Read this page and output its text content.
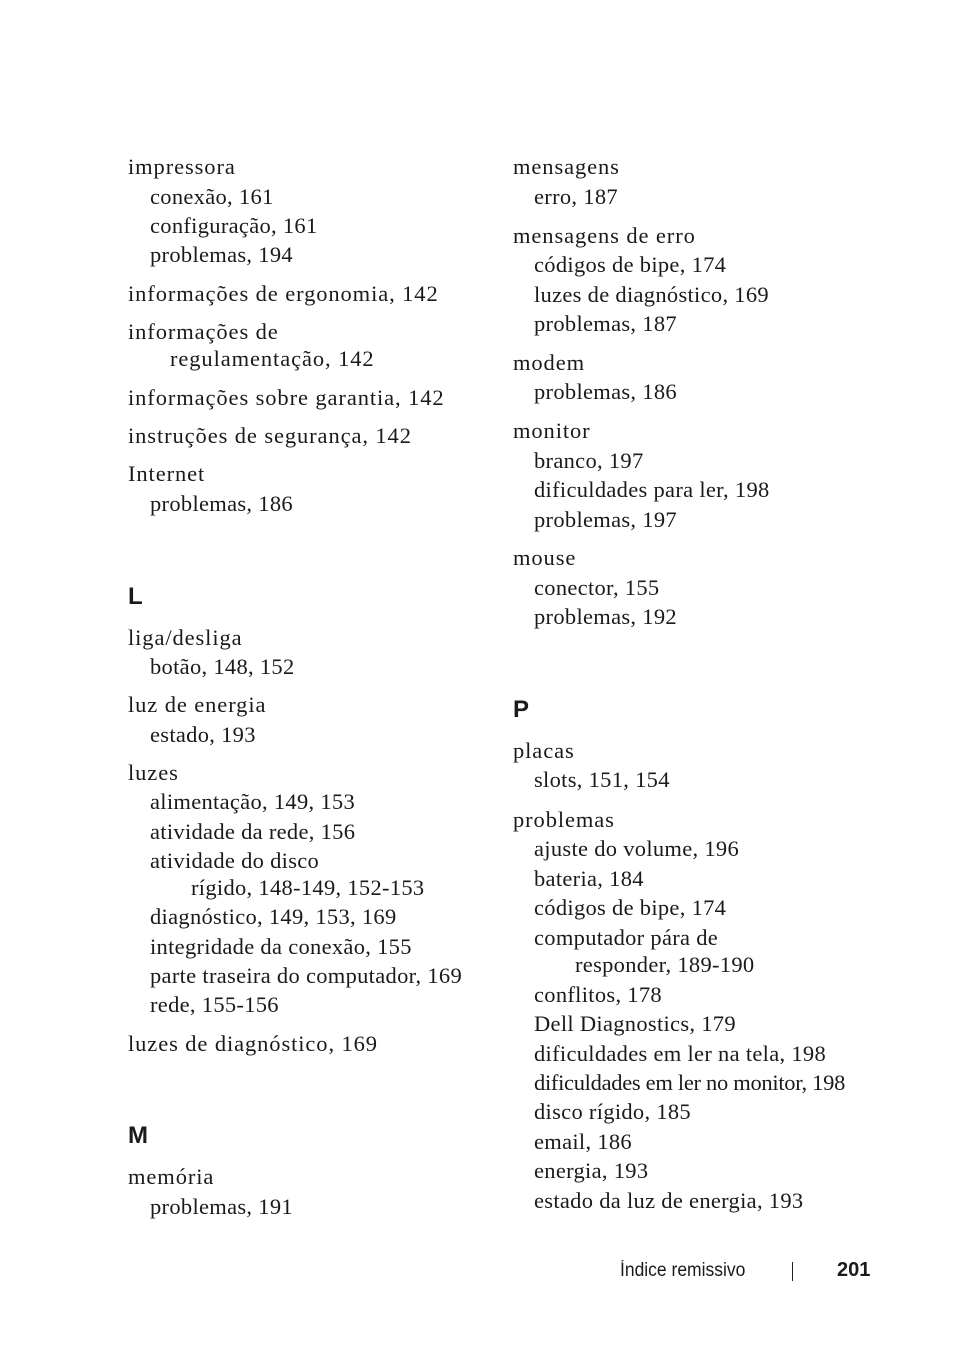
impressora
conexão, 161
configuração, 161
problemas, 194
informações de ergonomia, 142
informações de
regulamentação, 142
informações sobre garantia, 142
instruções de segurança, 142
Internet
problemas, 186
L
liga/desliga
botão, 148, 152
luz de energia
estado, 193
luzes
alimentação, 149, 153
atividade da rede, 156
atividade do disco
rígido, 148-149, 152-153
diagnóstico, 149, 153, 169
integridade da conexão, 155
parte traseira do computador, 169
rede, 155-156
luzes de diagnóstico, 169
M
memória
problemas, 191
mensagens
erro, 187
mensagens de erro
códigos de bipe, 174
luzes de diagnóstico, 169
problemas, 187
modem
problemas, 186
monitor
branco, 197
dificuldades para ler, 198
problemas, 197
mouse
conector, 155
problemas, 192
P
placas
slots, 151, 154
problemas
ajuste do volume, 196
bateria, 184
códigos de bipe, 174
computador pára de
responder, 189-190
conflitos, 178
Dell Diagnostics, 179
dificuldades em ler na tela, 198
dificuldades em ler no monitor, 198
disco rígido, 185
email, 186
energia, 193
estado da luz de energia, 193
Índice remissivo	201
